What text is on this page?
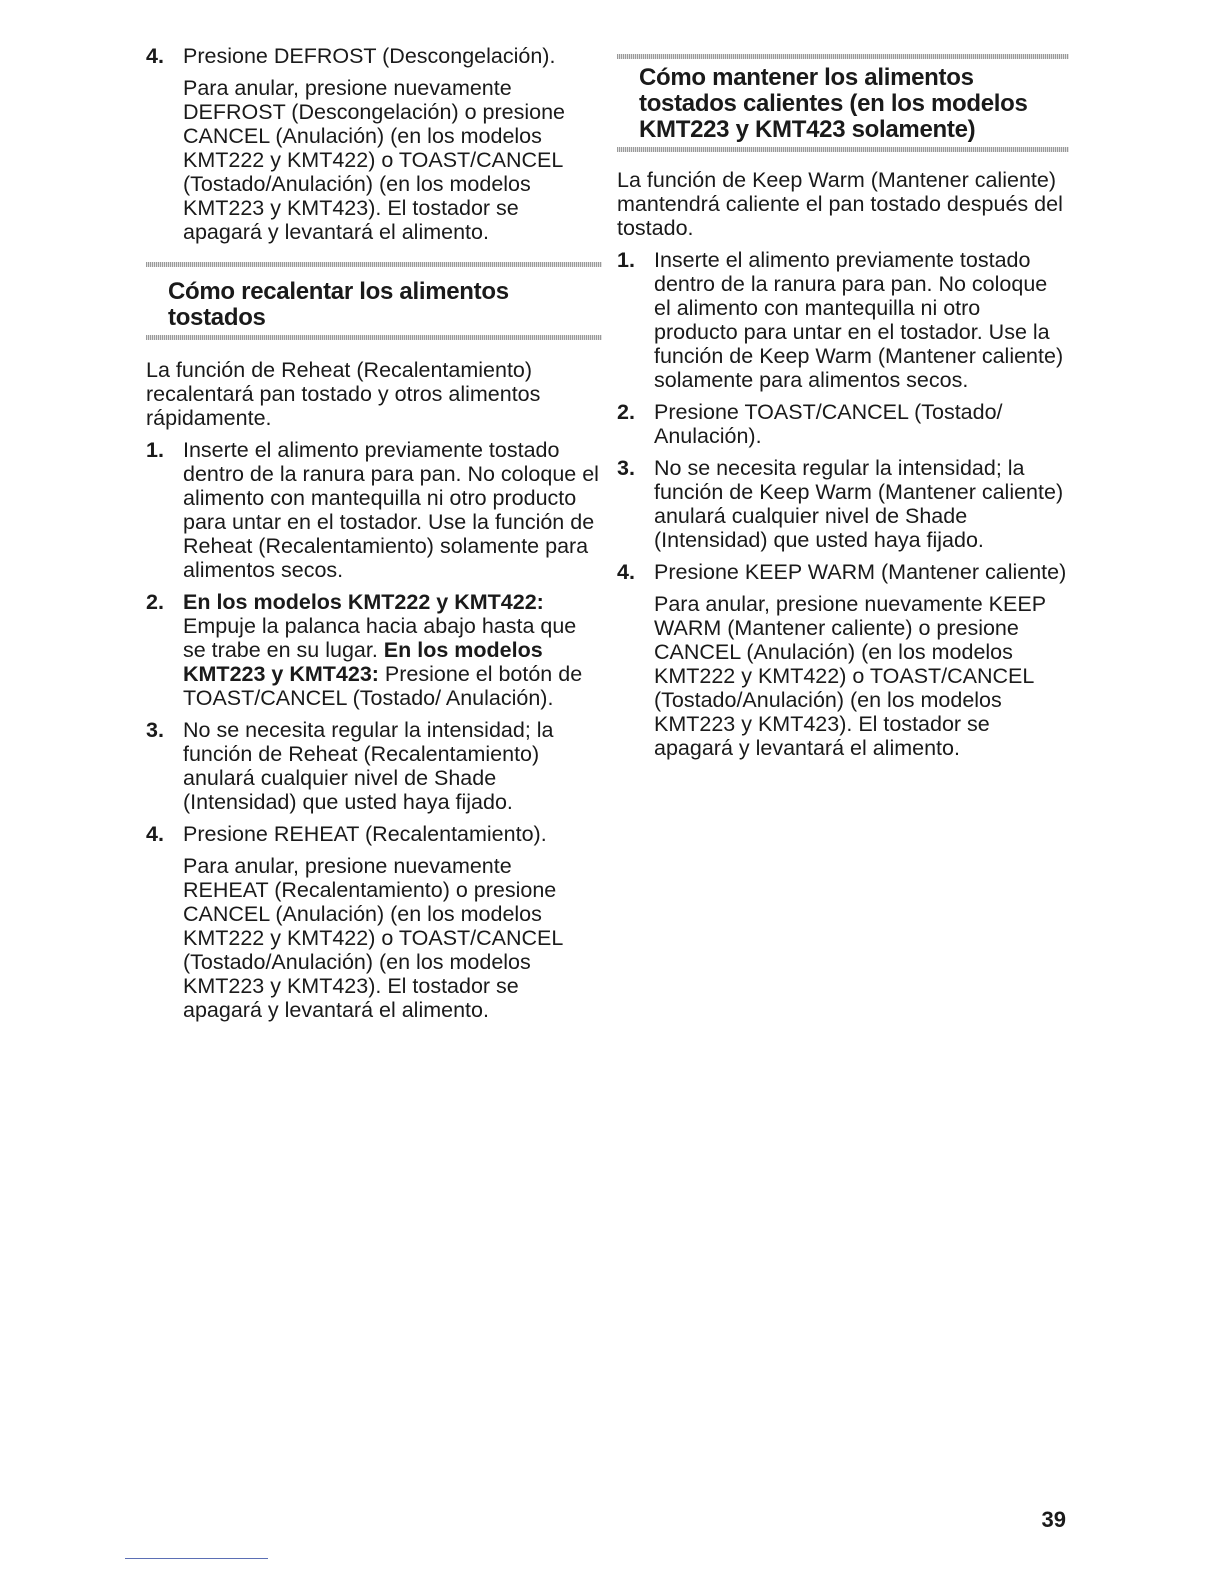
4. Presione DEFROST (Descongelación).

Para anular, presione nuevamente DEFROST (Descongelación) o presione CANCEL (Anulación) (en los modelos KMT222 y KMT422) o TOAST/CANCEL (Tostado/Anulación) (en los modelos KMT223 y KMT423). El tostador se apagará y levantará el alimento.

Cómo recalentar los alimentos tostados

La función de Reheat (Recalentamiento) recalentará pan tostado y otros alimentos rápidamente.

1. Inserte el alimento previamente tostado dentro de la ranura para pan. No coloque el alimento con mantequilla ni otro producto para untar en el tostador. Use la función de Reheat (Recalentamiento) solamente para alimentos secos.

2. En los modelos KMT222 y KMT422: Empuje la palanca hacia abajo hasta que se trabe en su lugar. En los modelos KMT223 y KMT423: Presione el botón de TOAST/CANCEL (Tostado/ Anulación).

3. No se necesita regular la intensidad; la función de Reheat (Recalentamiento) anulará cualquier nivel de Shade (Intensidad) que usted haya fijado.

4. Presione REHEAT (Recalentamiento).

Para anular, presione nuevamente REHEAT (Recalentamiento) o presione CANCEL (Anulación) (en los modelos KMT222 y KMT422) o TOAST/CANCEL (Tostado/Anulación) (en los modelos KMT223 y KMT423). El tostador se apagará y levantará el alimento.

Cómo mantener los alimentos tostados calientes (en los modelos KMT223 y KMT423 solamente)

La función de Keep Warm (Mantener caliente) mantendrá caliente el pan tostado después del tostado.

1. Inserte el alimento previamente tostado dentro de la ranura para pan. No coloque el alimento con mantequilla ni otro producto para untar en el tostador. Use la función de Keep Warm (Mantener caliente) solamente para alimentos secos.

2. Presione TOAST/CANCEL (Tostado/ Anulación).

3. No se necesita regular la intensidad; la función de Keep Warm (Mantener caliente) anulará cualquier nivel de Shade (Intensidad) que usted haya fijado.

4. Presione KEEP WARM (Mantener caliente)

Para anular, presione nuevamente KEEP WARM (Mantener caliente) o presione CANCEL (Anulación) (en los modelos KMT222 y KMT422) o TOAST/CANCEL (Tostado/Anulación) (en los modelos KMT223 y KMT423). El tostador se apagará y levantará el alimento.

39
